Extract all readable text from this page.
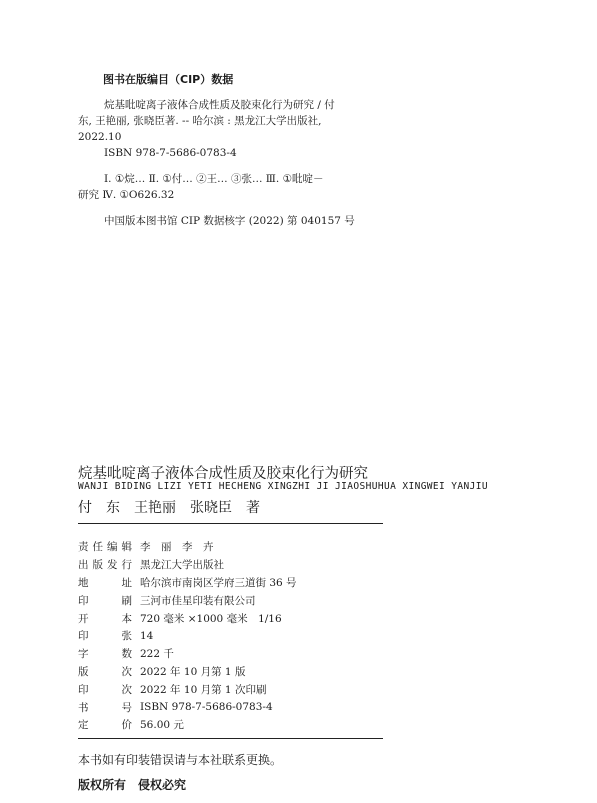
图书在版编目（CIP）数据
烷基吡啶离子液体合成性质及胶束化行为研究 / 付
东, 王艳丽, 张晓臣著. -- 哈尔滨 : 黑龙江大学出版社,
2022.10
ISBN 978-7-5686-0783-4
Ⅰ. ①烷… Ⅱ. ①付… ②王… ③张… Ⅲ. ①吡啶－
研究 Ⅳ. ①O626.32
中国版本图书馆 CIP 数据核字 (2022) 第 040157 号
烷基吡啶离子液体合成性质及胶束化行为研究
WANJI BIDING LIZI YETI HECHENG XINGZHI JI JIAOSHUHUA XINGWEI YANJIU
付　东　王艳丽　张晓臣　著
责 任 编 辑 李　丽　李　卉
出 版 发 行 黑龙江大学出版社
地	址 哈尔滨市南岗区学府三道街 36 号
印	刷 三河市佳星印装有限公司
开	本 720 毫米 ×1000 毫米　1/16
印	张 14
字	数 222 千
版	次 2022 年 10 月第 1 版
印	次 2022 年 10 月第 1 次印刷
书	号 ISBN 978-7-5686-0783-4
定	价 56.00 元
本书如有印装错误请与本社联系更换。
版权所有　侵权必究
